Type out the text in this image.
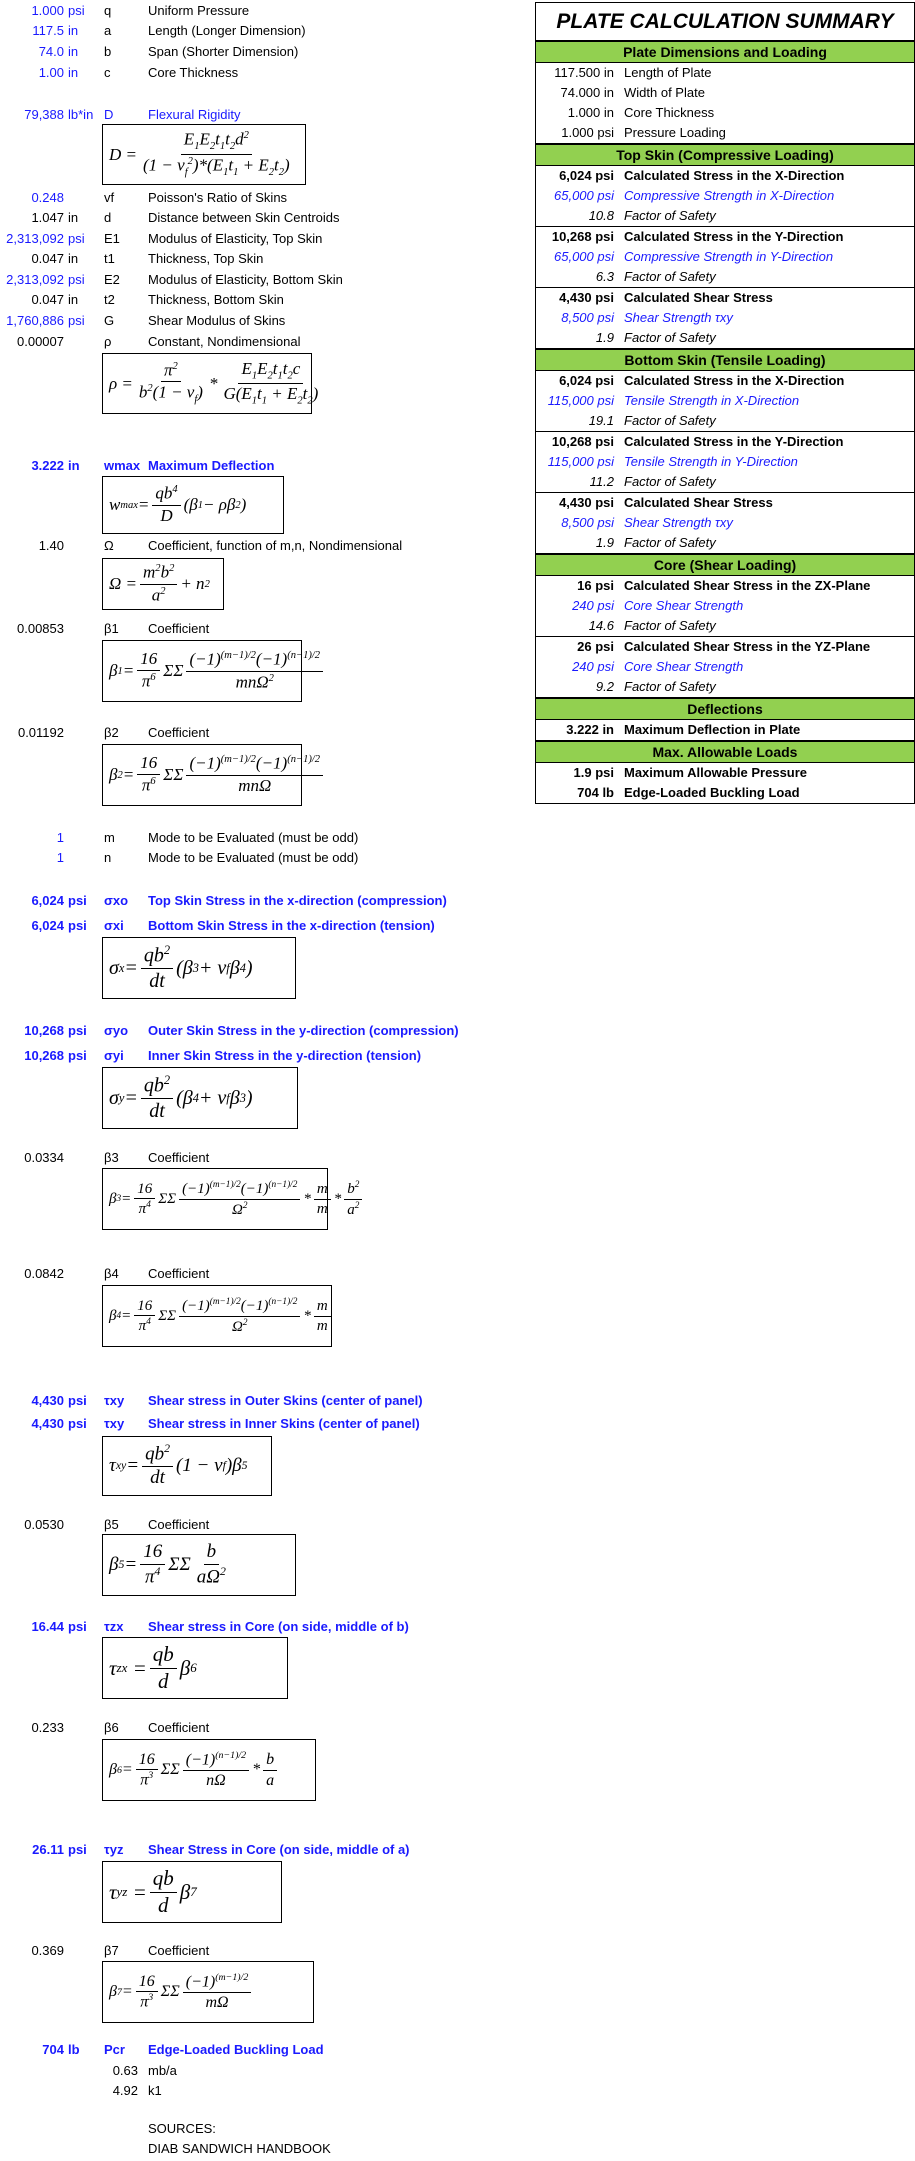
1.000 psi q	Uniform Pressure
117.5 in a	Length (Longer Dimension)
74.0 in b	Span (Shorter Dimension)
1.00 in c	Core Thickness
79,388 lb*in D	Flexural Rigidity
$D = \frac{E_1E_2t_1t_2d^2}{(1 - v_f^2)*(E_1t_1 + E_2t_2)}$
0.248	vf	Poisson's Ratio of Skins
1.047 in d	Distance between Skin Centroids
2,313,092 psi E1 Modulus of Elasticity, Top Skin
0.047 in t1	Thickness, Top Skin
2,313,092 psi E2 Modulus of Elasticity, Bottom Skin
0.047 in t2	Thickness, Bottom Skin
1,760,886 psi G	Shear Modulus of Skins
0.00007	ρ	Constant, Nondimensional
$\rho = \frac{\pi^2}{b^2(1 - v_f)} * \frac{E_1E_2t_1t_2c}{G(E_1t_1 + E_2t_2)}$
3.222 in wmax Maximum Deflection
w $\max = \frac{qb^4}{D} (\beta$ 1 − ρβ 2 )
1.40	Ω	Coefficient, function of m,n, Nondimensional
$\Omega = \frac{m^2b^2}{a^2} + n$ 2
0.00853	β1 Coefficient
β $1 = \frac{16}{\pi^6}$ ΣΣ $\frac{(-1)^{(m-1)/2}(-1)^{(n-1)/2}}{mn\Omega^2}$
0.01192	β2 Coefficient
β $2 = \frac{16}{\pi^6}$ ΣΣ $\frac{(-1)^{(m-1)/2}(-1)^{(n-1)/2}}{\text{mnΩ}}$
1	m	Mode to be Evaluated (must be odd)
1	n	Mode to be Evaluated (must be odd)
6,024 psi σxo Top Skin Stress in the x-direction (compression)
6,024 psi σxi Bottom Skin Stress in the x-direction (tension)
σ $x = \frac{qb^2}{dt} (\beta$ 3 + v f β 4 )
10,268 psi σyo Outer Skin Stress in the y-direction (compression)
10,268 psi σyi Inner Skin Stress in the y-direction (tension)
σ $y = \frac{qb^2}{dt} (\beta$ 4 + v f β 3 )
0.0334	β3 Coefficient
β $3 = \frac{16}{\pi^4}$ ΣΣ $\frac{(-1)^{(m-1)/2}(-1)^{(n-1)/2}}{\Omega^2} * \frac{m}{m} * \frac{b^2}{a^2}$
0.0842	β4 Coefficient
β $4 = \frac{16}{\pi^4}$ ΣΣ $\frac{(-1)^{(m-1)/2}(-1)^{(n-1)/2}}{\Omega^2} * \frac{m}{m}$
4,430 psi τxy Shear stress in Outer Skins (center of panel)
4,430 psi τxy Shear stress in Inner Skins (center of panel)
τ xy = $\frac{qb^2}{dt} (1 - v$ f )β 5
0.0530	β5 Coefficient
β $5 = \frac{16}{\pi^4}$ ΣΣ $\frac{b}{a\Omega^2}$
16.44 psi τzx Shear stress in Core (on side, middle of b)
τ zx = $\frac{qb}{d}$ β 6
0.233	β6 Coefficient
β $6 = \frac{16}{\pi^3}$ ΣΣ $\frac{(-1)^{(n-1)/2}}{n\Omega} * \frac{b}{a}$
26.11 psi τyz Shear Stress in Core (on side, middle of a)
τ yz = $\frac{qb}{d}$ β 7
0.369	β7 Coefficient
β $7 = \frac{16}{\pi^3}$ ΣΣ $\frac{(-1)^{(m-1)/2}}{m\Omega}$
704 lb Pcr Edge-Loaded Buckling Load
0.63 mb/a
4.92 k1
SOURCES:
DIAB SANDWICH HANDBOOK
PLATE CALCULATION SUMMARY
Plate Dimensions and Loading
117.500 in Length of Plate
74.000 in Width of Plate
1.000 in Core Thickness
1.000 psi Pressure Loading
Top Skin (Compressive Loading)
6,024 psi Calculated Stress in the X-Direction
65,000 psi Compressive Strength in X-Direction
10.8 Factor of Safety
10,268 psi Calculated Stress in the Y-Direction
65,000 psi Compressive Strength in Y-Direction
6.3 Factor of Safety
4,430 psi Calculated Shear Stress
8,500 psi Shear Strength τxy
1.9 Factor of Safety
Bottom Skin (Tensile Loading)
6,024 psi Calculated Stress in the X-Direction
115,000 psi Tensile Strength in X-Direction
19.1 Factor of Safety
10,268 psi Calculated Stress in the Y-Direction
115,000 psi Tensile Strength in Y-Direction
11.2 Factor of Safety
4,430 psi Calculated Shear Stress
8,500 psi Shear Strength τxy
1.9 Factor of Safety
Core (Shear Loading)
16 psi Calculated Shear Stress in the ZX-Plane
240 psi Core Shear Strength
14.6 Factor of Safety
26 psi Calculated Shear Stress in the YZ-Plane
240 psi Core Shear Strength
9.2 Factor of Safety
Deflections
3.222 in Maximum Deflection in Plate
Max. Allowable Loads
1.9 psi Maximum Allowable Pressure
704 lb Edge-Loaded Buckling Load
